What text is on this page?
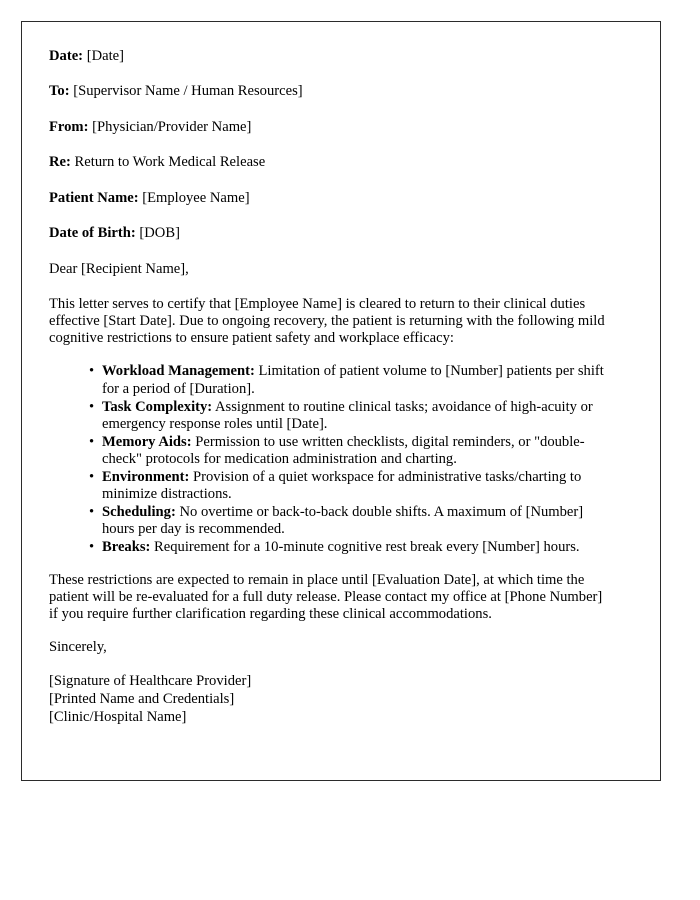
Date: [Date]
To: [Supervisor Name / Human Resources]
From: [Physician/Provider Name]
Re: Return to Work Medical Release
Patient Name: [Employee Name]
Date of Birth: [DOB]

Dear [Recipient Name],

This letter serves to certify that [Employee Name] is cleared to return to their clinical duties effective [Start Date]. Due to ongoing recovery, the patient is returning with the following mild cognitive restrictions to ensure patient safety and workplace efficacy:

• Workload Management: Limitation of patient volume to [Number] patients per shift for a period of [Duration].
• Task Complexity: Assignment to routine clinical tasks; avoidance of high-acuity or emergency response roles until [Date].
• Memory Aids: Permission to use written checklists, digital reminders, or "double-check" protocols for medication administration and charting.
• Environment: Provision of a quiet workspace for administrative tasks/charting to minimize distractions.
• Scheduling: No overtime or back-to-back double shifts. A maximum of [Number] hours per day is recommended.
• Breaks: Requirement for a 10-minute cognitive rest break every [Number] hours.

These restrictions are expected to remain in place until [Evaluation Date], at which time the patient will be re-evaluated for a full duty release. Please contact my office at [Phone Number] if you require further clarification regarding these clinical accommodations.

Sincerely,

[Signature of Healthcare Provider]
[Printed Name and Credentials]
[Clinic/Hospital Name]
